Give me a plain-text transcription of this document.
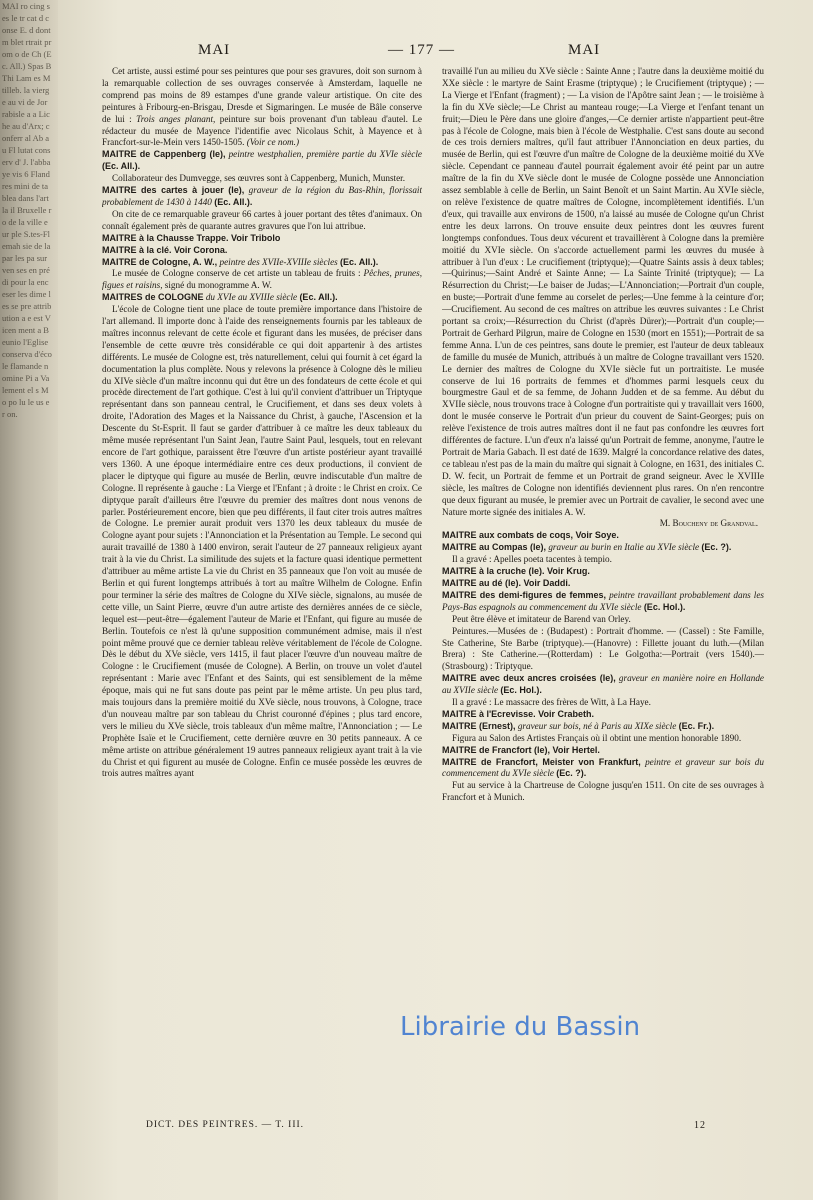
MAI ro cing ses le tr cat d conse E. d dont m blet rtrait prom o de Ch (Ec. All.) Spas B Thi Lam es Mtilleb. la vierge au vi de Jor rabisle a a Liche au d'Arx; conferr al Ab au Fl lutat conserv d' J. l'abbaye vis 6 Flandres mini de tablea dans l'art la il Bruxelle ro de la ville eur ple S.tes-Flemah sie de la par les pa sur ven ses en prédi pour la enceser les dime les se pre attribution a e est Vicen ment a Beunio l'Eglise conserva d'école flamande nomine Pi a Va lement el s Mo po lu le us er on.
MAI	— 177 —	MAI

Cet artiste, aussi estimé pour ses peintures que pour ses gravures, doit son surnom à la remarquable collection de ses ouvrages conservée à Amsterdam, laquelle ne comprend pas moins de 89 estampes d'une grande valeur artistique. On cite des peintures à Fribourg-en-Brisgau, Dresde et Sigmaringen. Le musée de Bâle conserve de lui : Trois anges planant, peinture sur bois provenant d'un tableau d'autel. Le rédacteur du musée de Mayence l'identifie avec Nicolaus Schit, à Mayence et à Francfort-sur-le-Mein vers 1450-1505. (Voir ce nom.)

MAITRE de Cappenberg (le), peintre westphalien, première partie du XVIe siècle (Ec. All.).

Collaborateur des Dumvegge, ses œuvres sont à Cappenberg, Munich, Munster.

MAITRE des cartes à jouer (le), graveur de la région du Bas-Rhin, florissait probablement de 1430 à 1440 (Ec. All.).

On cite de ce remarquable graveur 66 cartes à jouer portant des têtes d'animaux. On connaît également près de quarante autres gravures que l'on lui attribue.

MAITRE à la Chausse Trappe. Voir Tribolo

MAITRE à la clé. Voir Corona.

MAITRE de Cologne, A. W., peintre des XVIIe-XVIIIe siècles (Ec. All.).

Le musée de Cologne conserve de cet artiste un tableau de fruits : Pêches, prunes, figues et raisins, signé du monogramme A. W.

MAITRES de COLOGNE du XVIe au XVIIIe siècle (Ec. All.).

L'école de Cologne tient une place de toute première importance dans l'histoire de l'art allemand. Il importe donc à l'aide des renseignements fournis par les tableaux de maîtres inconnus relevant de cette école et figurant dans les musées, de préciser dans l'ensemble de cette œuvre très considérable ce qui doit appartenir à des artistes différents. Le musée de Cologne est, très naturellement, celui qui fournit à cet égard la documentation la plus complète. Nous y relevons la présence à Cologne dès le milieu du XIVe siècle d'un maître inconnu qui dut être un des fondateurs de cette école et qui procède directement de l'art gothique. C'est à lui qu'il convient d'attribuer un Triptyque représentant dans son panneau central, le Crucifiement, et dans ses deux volets à droite, l'Adoration des Mages et la Naissance du Christ, à gauche, l'Ascension et la Descente du St-Esprit. Il faut se garder d'attribuer à ce maître les deux tableaux du même musée représentant l'un Saint Jean, l'autre Saint Paul, lesquels, tout en relevant encore de l'art gothique, paraissent être l'œuvre d'un artiste postérieur ayant travaillé vers 1360. A une époque intermédiaire entre ces deux productions, il convient de placer le diptyque qui figure au musée de Berlin, œuvre indiscutable d'un maître de Cologne. Il représente à gauche : La Vierge et l'Enfant ; à droite : le Christ en croix. Ce diptyque paraît d'ailleurs être l'œuvre du premier des maîtres dont nous venons de parler. Postérieurement encore, bien que peu différents, il faut citer trois autres maîtres de Cologne. Le premier aurait produit vers 1370 les deux tableaux du musée de Cologne ayant pour sujets : l'Annonciation et la Présentation au Temple. Le second qui aurait travaillé de 1380 à 1400 environ, serait l'auteur de 27 panneaux religieux ayant trait à la vie du Christ. La similitude des sujets et la facture quasi identique permettent d'attribuer au même artiste La vie du Christ en 35 panneaux que l'on voit au musée de Berlin et qui furent longtemps attribués à tort au maître Wilhelm de Cologne. Enfin pour terminer la série des maîtres de Cologne du XIVe siècle, signalons, au musée de cette ville, un Saint Pierre, œuvre d'un autre artiste des dernières années de ce siècle, lequel est—peut-être—également l'auteur de Marie et l'Enfant, qui figure au musée de Berlin. Toutefois ce n'est là qu'une supposition communément admise, mais il n'est point même prouvé que ce dernier tableau relève véritablement de l'école de Cologne. Dès le début du XVe siècle, vers 1415, il faut placer l'œuvre d'un nouveau maître de Cologne : le Crucifiement (musée de Cologne). A Berlin, on trouve un volet d'autel représentant : Marie avec l'Enfant et des Saints, qui est sensiblement de la même époque, mais qui ne fut sans doute pas peint par le même artiste. Un peu plus tard, mais toujours dans la première moitié du XVe siècle, nous trouvons, à Cologne, trace d'un nouveau maître par son tableau du Christ couronné d'épines ; plus tard encore, vers le milieu du XVe siècle, trois tableaux d'un même maître, l'Annonciation ; — Le Prophète Isaïe et le Crucifiement, cette dernière œuvre en 30 petits panneaux. A ce même artiste on attribue généralement 19 autres panneaux religieux ayant trait à la vie du Christ et qui figurent au musée de Cologne. Enfin ce musée possède les œuvres de trois autres maîtres ayant

travaillé l'un au milieu du XVe siècle : Sainte Anne ; l'autre dans la deuxième moitié du XXe siècle : le martyre de Saint Erasme (triptyque) ; le Crucifiement (triptyque) ; — La Vierge et l'Enfant (fragment) ; — La vision de l'Apôtre saint Jean ; — le troisième à la fin du XVe siècle;—Le Christ au manteau rouge;—La Vierge et l'enfant tenant un fruit;—Dieu le Père dans une gloire d'anges,—Ce dernier artiste n'appartient peut-être pas à l'école de Cologne, mais bien à l'école de Westphalie. C'est sans doute au second de ces trois derniers maîtres, qu'il faut attribuer l'Annonciation en deux parties, du musée de Berlin, qui est l'œuvre d'un maître de Cologne de la deuxième moitié du XVe siècle. Cependant ce panneau d'autel pourrait également avoir été peint par un autre maître de la fin du XVe siècle dont le musée de Cologne possède une Annonciation assez semblable à celle de Berlin, un Saint Benoît et un Saint Martin. Au XVIe siècle, on relève l'existence de quatre maîtres de Cologne, incomplètement identifiés. L'un d'eux, qui travaille aux environs de 1500, n'a laissé au musée de Cologne qu'un Christ entre les deux larrons. On trouve ensuite deux peintres dont les œuvres furent longtemps confondues. Tous deux vécurent et travaillèrent à Cologne dans la première moitié du XVIe siècle. On s'accorde actuellement parmi les œuvres du musée à attribuer à l'un d'eux : Le crucifiement (triptyque);—Quatre Saints assis à deux tables;—Quirinus;—Saint André et Sainte Anne; — La Sainte Trinité (triptyque); — La Résurrection du Christ;—Le baiser de Judas;—L'Annonciation;—Portrait d'un couple, en buste;—Portrait d'une femme au corselet de perles;—Une femme à la ceinture d'or;—Crucifiement. Au second de ces maîtres on attribue les œuvres suivantes : Le Christ portant sa croix;—Résurrection du Christ (d'après Dürer);—Portrait d'un couple;—Portrait de Gerhard Pilgrun, maire de Cologne en 1530 (mort en 1551);—Portrait de sa femme Anna. L'un de ces peintres, sans doute le premier, est l'auteur de deux tableaux de famille du musée de Munich, attribués à un maître de Cologne travaillant vers 1520. Le dernier des maîtres de Cologne du XVIe siècle fut un portraitiste. Le musée conserve de lui 16 portraits de femmes et d'hommes parmi lesquels ceux du bourgmestre Gaul et de sa femme, de Johann Judden et de sa femme. Au début du XVIIe siècle, nous trouvons trace à Cologne d'un portraitiste qui y travaillait vers 1600, dont le musée conserve le Portrait d'un prieur du couvent de Saint-Georges; puis on relève l'existence de trois autres maîtres dont il ne faut pas confondre les œuvres fort différentes de facture. L'un d'eux n'a laissé qu'un Portrait de femme, anonyme, l'autre le Portrait de Maria Gabach. Il est daté de 1639. Malgré la concordance relative des dates, ce tableau n'est pas de la main du maître qui signait à Cologne, en 1631, des initiales C. D. W. fecit, un Portrait de femme et un Portrait de grand seigneur. Avec le XVIIIe siècle, les maîtres de Cologne non identifiés deviennent plus rares. On n'en rencontre que deux figurant au musée, le premier avec un Portrait de cavalier, le second avec une Nature morte signée des initiales A. W.

M. Boucheny de Grandval.

MAITRE aux combats de coqs, Voir Soye.

MAITRE au Compas (le), graveur au burin en Italie au XVIe siècle (Ec. ?).

Il a gravé : Apelles poeta tacentes à tempio.

MAITRE à la cruche (le). Voir Krug.

MAITRE au dé (le). Voir Daddi.

MAITRE des demi-figures de femmes, peintre travaillant probablement dans les Pays-Bas espagnols au commencement du XVIe siècle (Ec. Hol.).

Peut être élève et imitateur de Barend van Orley.

Peintures.—Musées de : (Budapest) : Portrait d'homme. — (Cassel) : Ste Famille, Ste Catherine, Ste Barbe (triptyque).—(Hanovre) : Fillette jouant du luth.—(Milan Brera) : Ste Catherine.—(Rotterdam) : Le Golgotha:—Portrait (vers 1540).—(Strasbourg) : Triptyque.

MAITRE avec deux ancres croisées (le), graveur en manière noire en Hollande au XVIIe siècle (Ec. Hol.).

Il a gravé : Le massacre des frères de Witt, à La Haye.

MAITRE à l'Ecrevisse. Voir Crabeth.

MAITRE (Ernest), graveur sur bois, né à Paris au XIXe siècle (Ec. Fr.).

Figura au Salon des Artistes Français où il obtint une mention honorable 1890.

MAITRE de Francfort (le), Voir Hertel.

MAITRE de Francfort, Meister von Frankfurt, peintre et graveur sur bois du commencement du XVIe siècle (Ec. ?).

Fut au service à la Chartreuse de Cologne jusqu'en 1511. On cite de ses ouvrages à Francfort et à Munich.

DICT. DES PEINTRES. — T. III.	12
Librairie du Bassin
